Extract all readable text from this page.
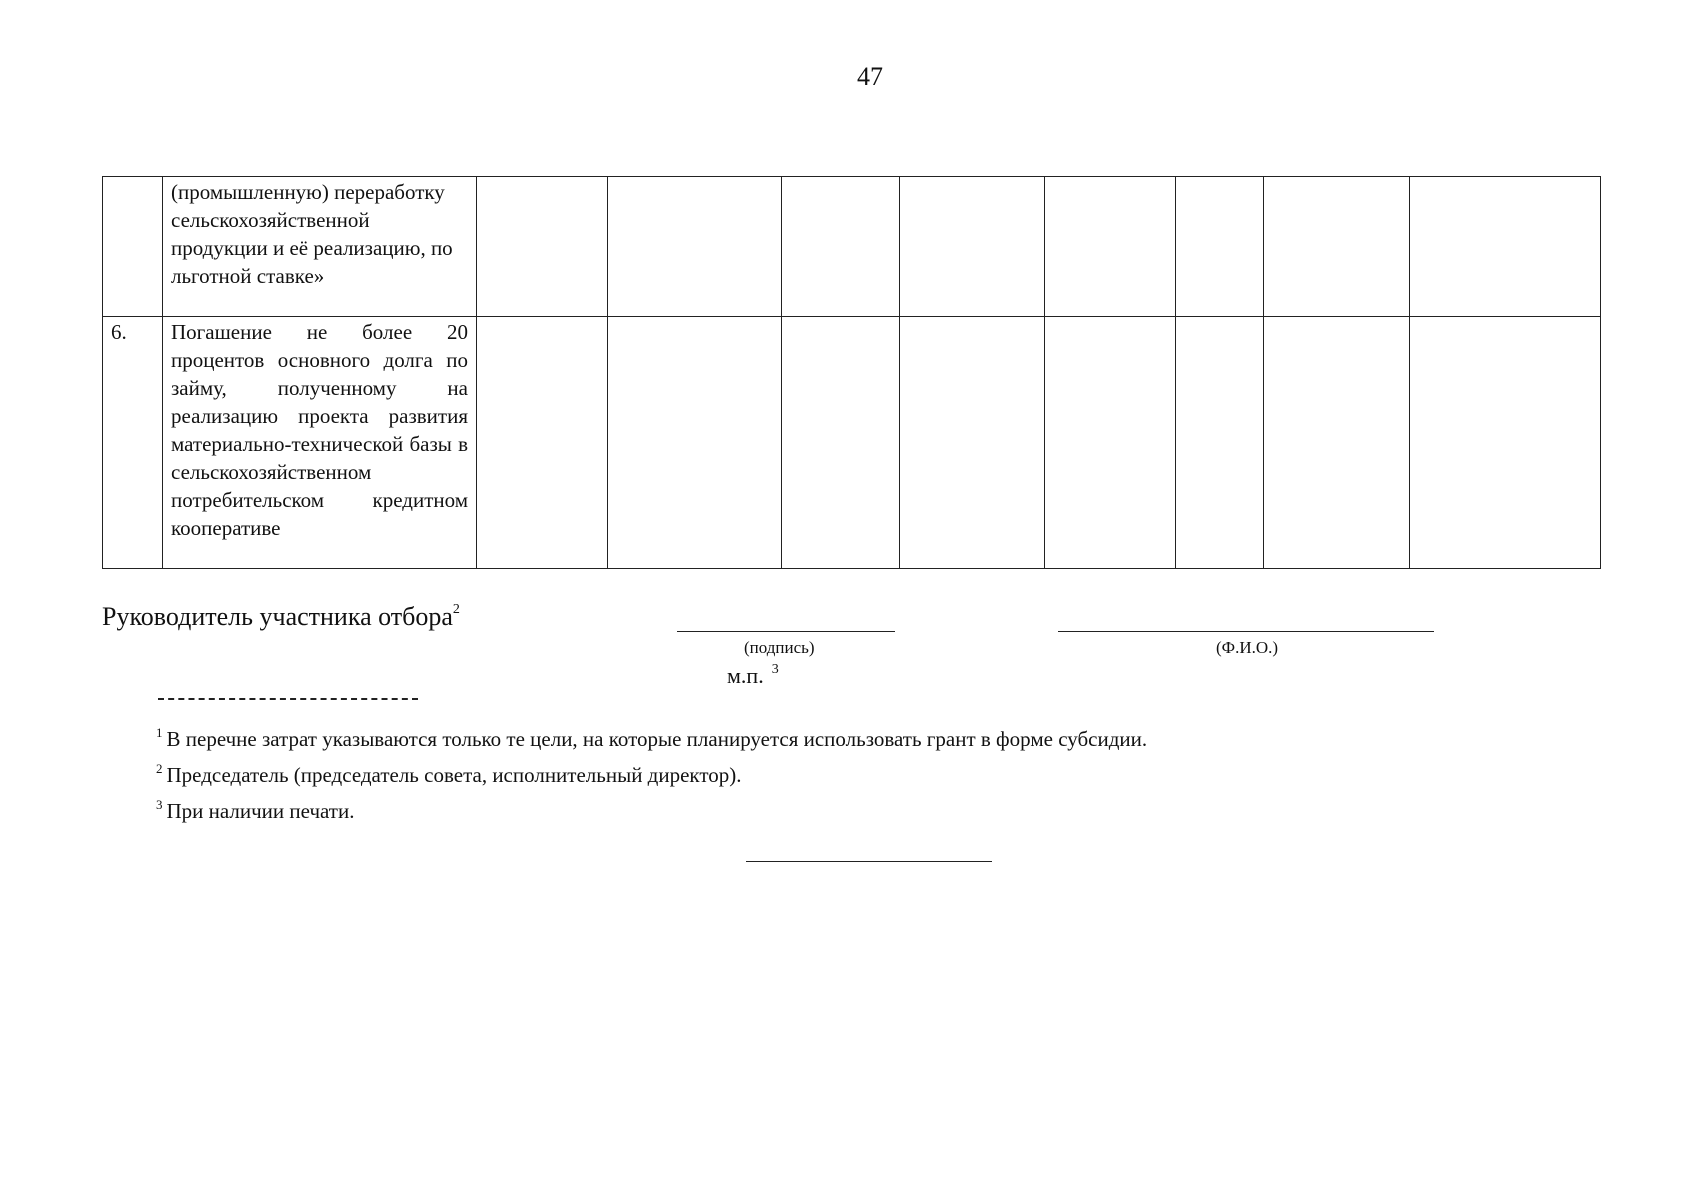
47
	(промышленную) переработку сельскохозяйственной продукции и её реализацию, по льготной ставке»								
6.	Погашение не более 20 процентов основного долга по займу, полученному на реализацию проекта развития материально-технической базы в сельскохозяйственном потребительском кредитном кооперативе								
Руководитель участника отбора$^2$
(подпись)	(Ф.И.О.)
м.п. $^3$
$^1$ В перечне затрат указываются только те цели, на которые планируется использовать грант в форме субсидии.
$^2$ Председатель (председатель совета, исполнительный директор).
$^3$ При наличии печати.
